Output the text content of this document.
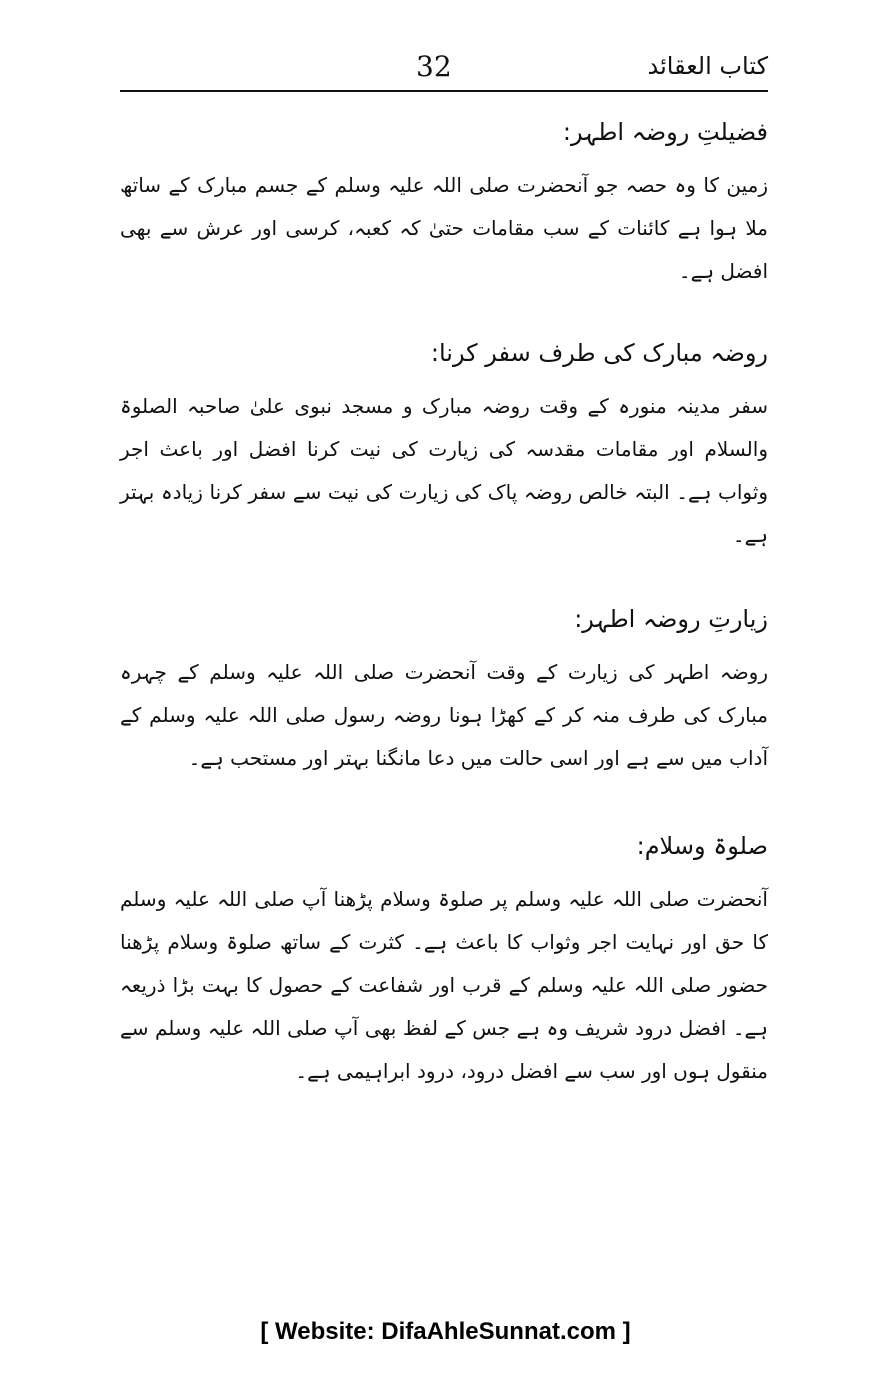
کتاب العقائد
32
فضیلتِ روضہ اطہر:

زمین کا وہ حصہ جو آنحضرت صلی اللہ علیہ وسلم کے جسم مبارک کے ساتھ ملا ہوا ہے کائنات کے سب مقامات حتیٰ کہ کعبہ، کرسی اور عرش سے بھی افضل ہے۔

روضہ مبارک کی طرف سفر کرنا:

سفر مدینہ منورہ کے وقت روضہ مبارک و مسجد نبوی علیٰ صاحبہ الصلوۃ والسلام اور مقامات مقدسہ کی زیارت کی نیت کرنا افضل اور باعث اجر وثواب ہے۔ البتہ خالص روضہ پاک کی زیارت کی نیت سے سفر کرنا زیادہ بہتر ہے۔

زیارتِ روضہ اطہر:

روضہ اطہر کی زیارت کے وقت آنحضرت صلی اللہ علیہ وسلم کے چہرہ مبارک کی طرف منہ کر کے کھڑا ہونا روضہ رسول صلی اللہ علیہ وسلم کے آداب میں سے ہے اور اسی حالت میں دعا مانگنا بہتر اور مستحب ہے۔

صلوۃ وسلام:

آنحضرت صلی اللہ علیہ وسلم پر صلوۃ وسلام پڑھنا آپ صلی اللہ علیہ وسلم کا حق اور نہایت اجر وثواب کا باعث ہے۔ کثرت کے ساتھ صلوۃ وسلام پڑھنا حضور صلی اللہ علیہ وسلم کے قرب اور شفاعت کے حصول کا بہت بڑا ذریعہ ہے۔ افضل درود شریف وہ ہے جس کے لفظ بھی آپ صلی اللہ علیہ وسلم سے منقول ہوں اور سب سے افضل درود، درود ابراہیمی ہے۔

[ Website: DifaAhleSunnat.com ]
